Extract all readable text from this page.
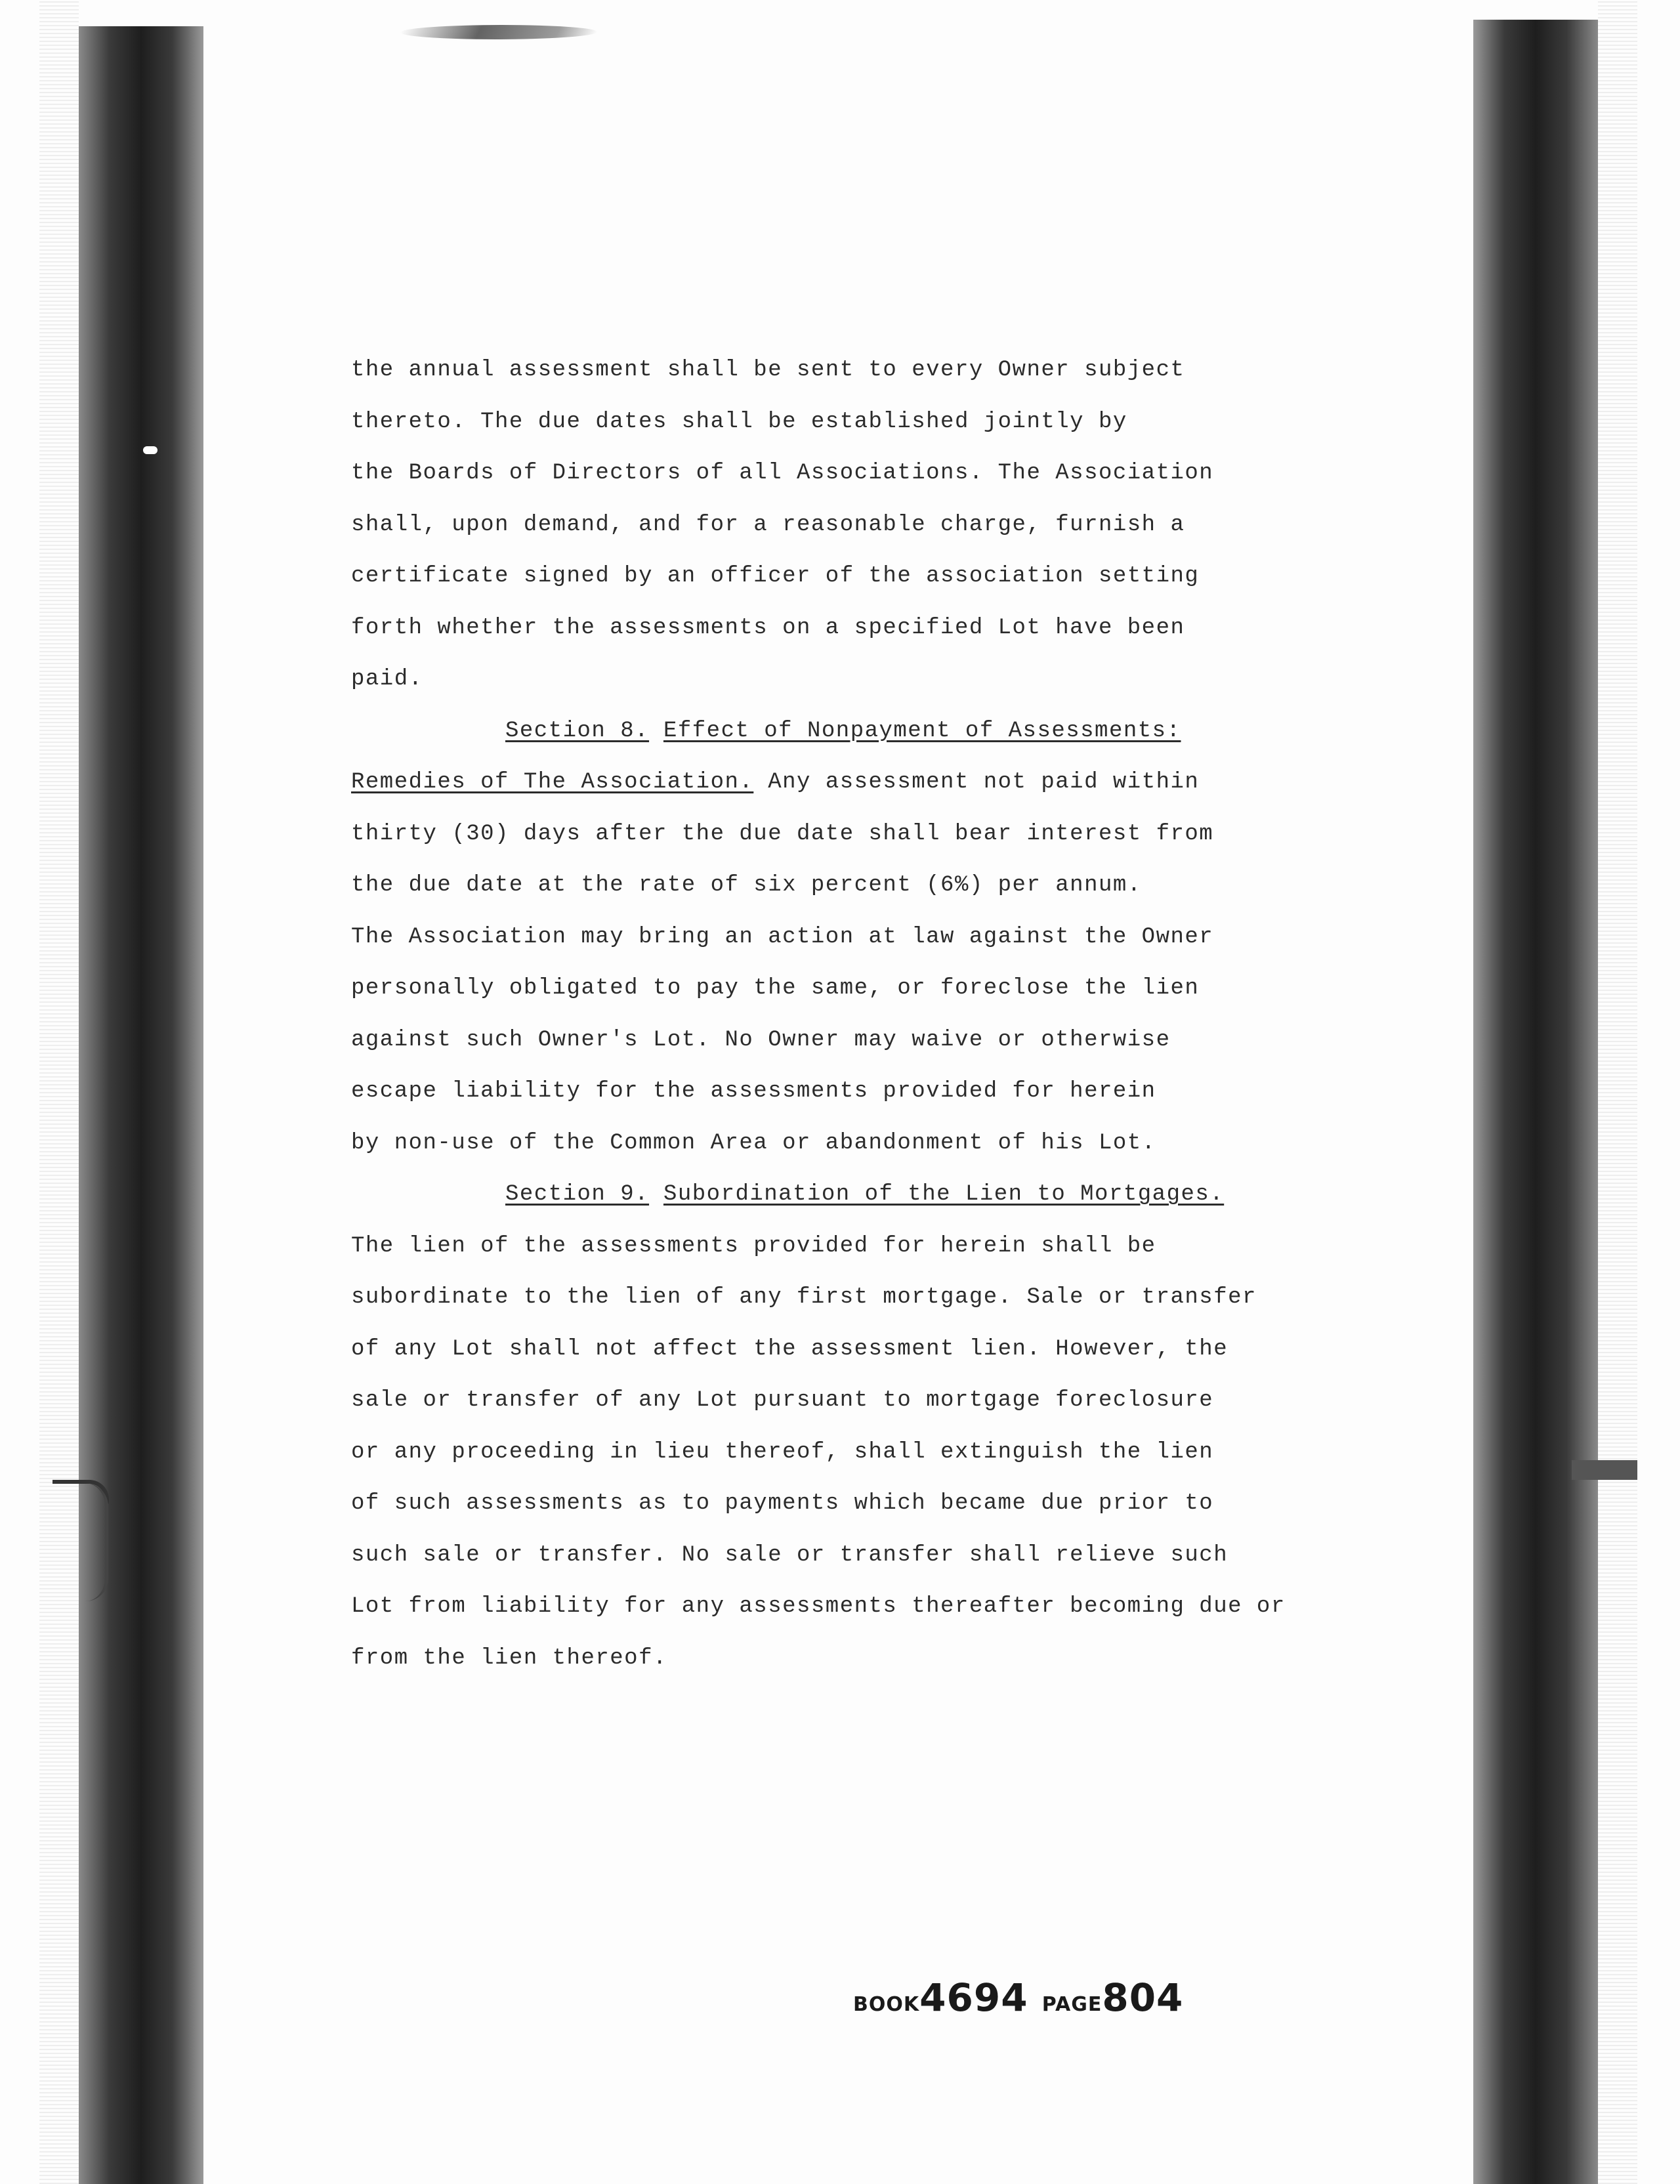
the annual assessment shall be sent to every Owner subject
thereto. The due dates shall be established jointly by
the Boards of Directors of all Associations. The Association
shall, upon demand, and for a reasonable charge, furnish a
certificate signed by an officer of the association setting
forth whether the assessments on a specified Lot have been
paid.
Section 8. Effect of Nonpayment of Assessments:
Remedies of The Association. Any assessment not paid within
thirty (30) days after the due date shall bear interest from
the due date at the rate of six percent (6%) per annum.
The Association may bring an action at law against the Owner
personally obligated to pay the same, or foreclose the lien
against such Owner's Lot. No Owner may waive or otherwise
escape liability for the assessments provided for herein
by non-use of the Common Area or abandonment of his Lot.
Section 9. Subordination of the Lien to Mortgages.
The lien of the assessments provided for herein shall be
subordinate to the lien of any first mortgage. Sale or transfer
of any Lot shall not affect the assessment lien. However, the
sale or transfer of any Lot pursuant to mortgage foreclosure
or any proceeding in lieu thereof, shall extinguish the lien
of such assessments as to payments which became due prior to
such sale or transfer. No sale or transfer shall relieve such
Lot from liability for any assessments thereafter becoming due or
from the lien thereof.
BOOK4694 PAGE804
